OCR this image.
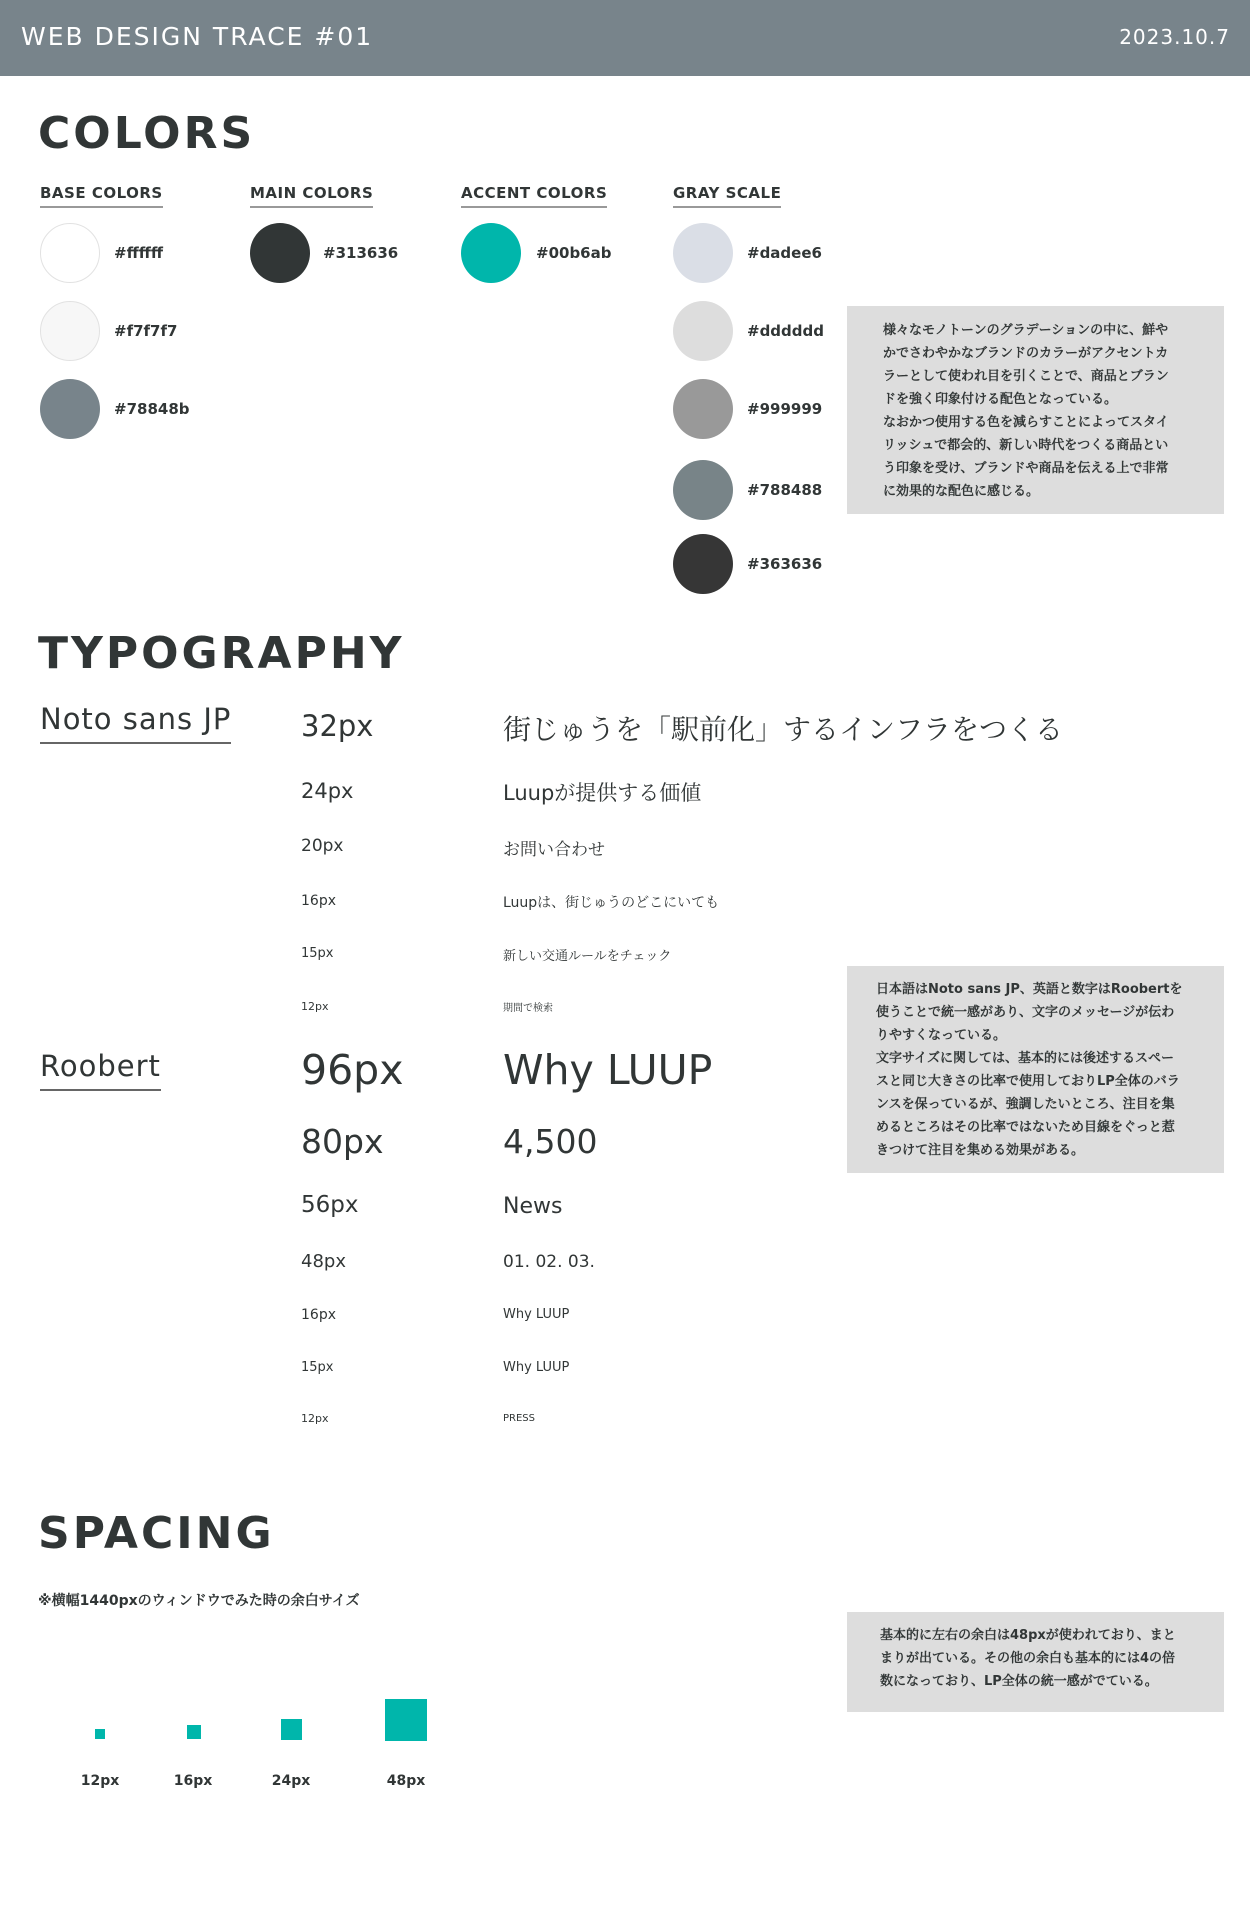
WEB DESIGN TRACE #01	2023.10.7
COLORS
BASE COLORS	MAIN COLORS	ACCENT COLORS	GRAY SCALE
#ffffff
#f7f7f7
#78848b
#313636	#00b6ab	#dadee6
#dddddd
#999999
#788488
#363636
様々なモノトーンのグラデーションの中に、鮮や
かでさわやかなブランドのカラーがアクセントカ
ラーとして使われ目を引くことで、商品とブラン
ドを強く印象付ける配色となっている。
なおかつ使用する色を減らすことによってスタイ
リッシュで都会的、新しい時代をつくる商品とい
う印象を受け、ブランドや商品を伝える上で非常
に効果的な配色に感じる。
TYPOGRAPHY
Noto sans JP 32px	街じゅうを「駅前化」するインフラをつくる
24px	Luupが提供する価値
20px	お問い合わせ
16px	Luupは、街じゅうのどこにいても
15px	新しい交通ルールをチェック
12px	期間で検索
Roobert	96px Why LUUP
80px	4,500
56px	News
48px	01. 02. 03.
16px	Why LUUP
15px	Why LUUP
12px	PRESS
日本語はNoto sans JP、英語と数字はRoobertを
使うことで統一感があり、文字のメッセージが伝わ
りやすくなっている。
文字サイズに関しては、基本的には後述するスペー
スと同じ大きさの比率で使用しておりLP全体のバラ
ンスを保っているが、強調したいところ、注目を集
めるところはその比率ではないため目線をぐっと惹
きつけて注目を集める効果がある。
SPACING
※横幅1440pxのウィンドウでみた時の余白サイズ
12px	16px	24px	48px
基本的に左右の余白は48pxが使われており、まと
まりが出ている。その他の余白も基本的には4の倍
数になっており、LP全体の統一感がでている。
